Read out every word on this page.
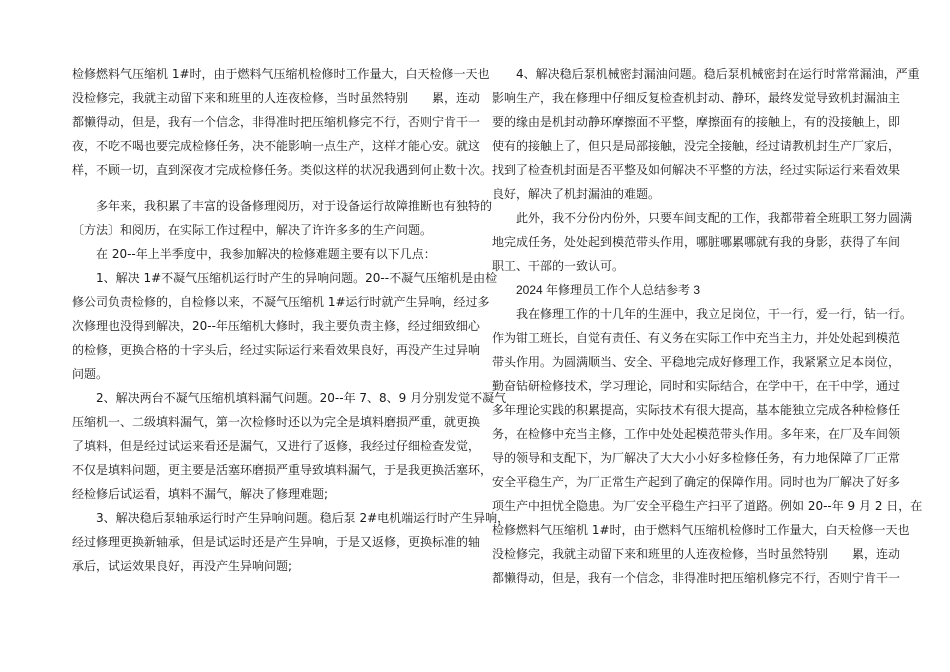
检修燃料气压缩机 1#时，由于燃料气压缩机检修时工作量大，白天检修一天也
没检修完，我就主动留下来和班里的人连夜检修，当时虽然特别　　累，连动
都懒得动，但是，我有一个信念，非得准时把压缩机修完不行，否则宁肯干一
夜，不吃不喝也要完成检修任务，决不能影响一点生产，这样才能心安。就这
样，不顾一切，直到深夜才完成检修任务。类似这样的状况我遇到何止数十次。
多年来，我积累了丰富的设备修理阅历，对于设备运行故障推断也有独特的
〔方法〕和阅历，在实际工作过程中，解决了许许多多的生产问题。
在 20--年上半季度中，我参加解决的检修难题主要有以下几点：
1、解决 1#不凝气压缩机运行时产生的异响问题。20--不凝气压缩机是由检
修公司负责检修的，自检修以来，不凝气压缩机 1#运行时就产生异响，经过多
次修理也没得到解决，20--年压缩机大修时，我主要负责主修，经过细致细心
的检修，更换合格的十字头后，经过实际运行来看效果良好，再没产生过异响
问题。
2、解决两台不凝气压缩机填料漏气问题。20--年 7、8、9 月分别发觉不凝气
压缩机一、二级填料漏气，第一次检修时还以为完全是填料磨损严重，就更换
了填料，但是经过试运来看还是漏气，又进行了返修，我经过仔细检查发觉，
不仅是填料问题，更主要是活塞环磨损严重导致填料漏气，于是我更换活塞环，
经检修后试运看，填料不漏气，解决了修理难题;
3、解决稳后泵轴承运行时产生异响问题。稳后泵 2#电机端运行时产生异响，
经过修理更换新轴承，但是试运时还是产生异响，于是又返修，更换标准的轴
承后，试运效果良好，再没产生异响问题;
4、解决稳后泵机械密封漏油问题。稳后泵机械密封在运行时常常漏油，严重
影响生产，我在修理中仔细反复检查机封动、静环，最终发觉导致机封漏油主
要的缘由是机封动静环摩擦面不平整，摩擦面有的接触上，有的没接触上，即
使有的接触上了，但只是局部接触，没完全接触，经过请教机封生产厂家后，
找到了检查机封面是否平整及如何解决不平整的方法，经过实际运行来看效果
良好，解决了机封漏油的难题。
此外，我不分份内份外，只要车间支配的工作，我都带着全班职工努力圆满
地完成任务，处处起到模范带头作用，哪脏哪累哪就有我的身影，获得了车间
职工、干部的一致认可。
2024 年修理员工作个人总结参考 3
我在修理工作的十几年的生涯中，我立足岗位，干一行，爱一行，钻一行。
作为钳工班长，自觉有责任、有义务在实际工作中充当主力，并处处起到模范
带头作用。为圆满顺当、安全、平稳地完成好修理工作，我紧紧立足本岗位，
勤奋钻研检修技术，学习理论，同时和实际结合，在学中干，在干中学，通过
多年理论实践的积累提高，实际技术有很大提高，基本能独立完成各种检修任
务，在检修中充当主修，工作中处处起模范带头作用。多年来，在厂及车间领
导的领导和支配下，为厂解决了大大小小好多检修任务，有力地保障了厂正常
安全平稳生产，为厂正常生产起到了确定的保障作用。同时也为厂解决了好多
项生产中担忧全隐患。为厂安全平稳生产扫平了道路。例如 20--年 9 月 2 日，在
检修燃料气压缩机 1#时，由于燃料气压缩机检修时工作量大，白天检修一天也
没检修完，我就主动留下来和班里的人连夜检修，当时虽然特别　　累，连动
都懒得动，但是，我有一个信念，非得准时把压缩机修完不行，否则宁肯干一
